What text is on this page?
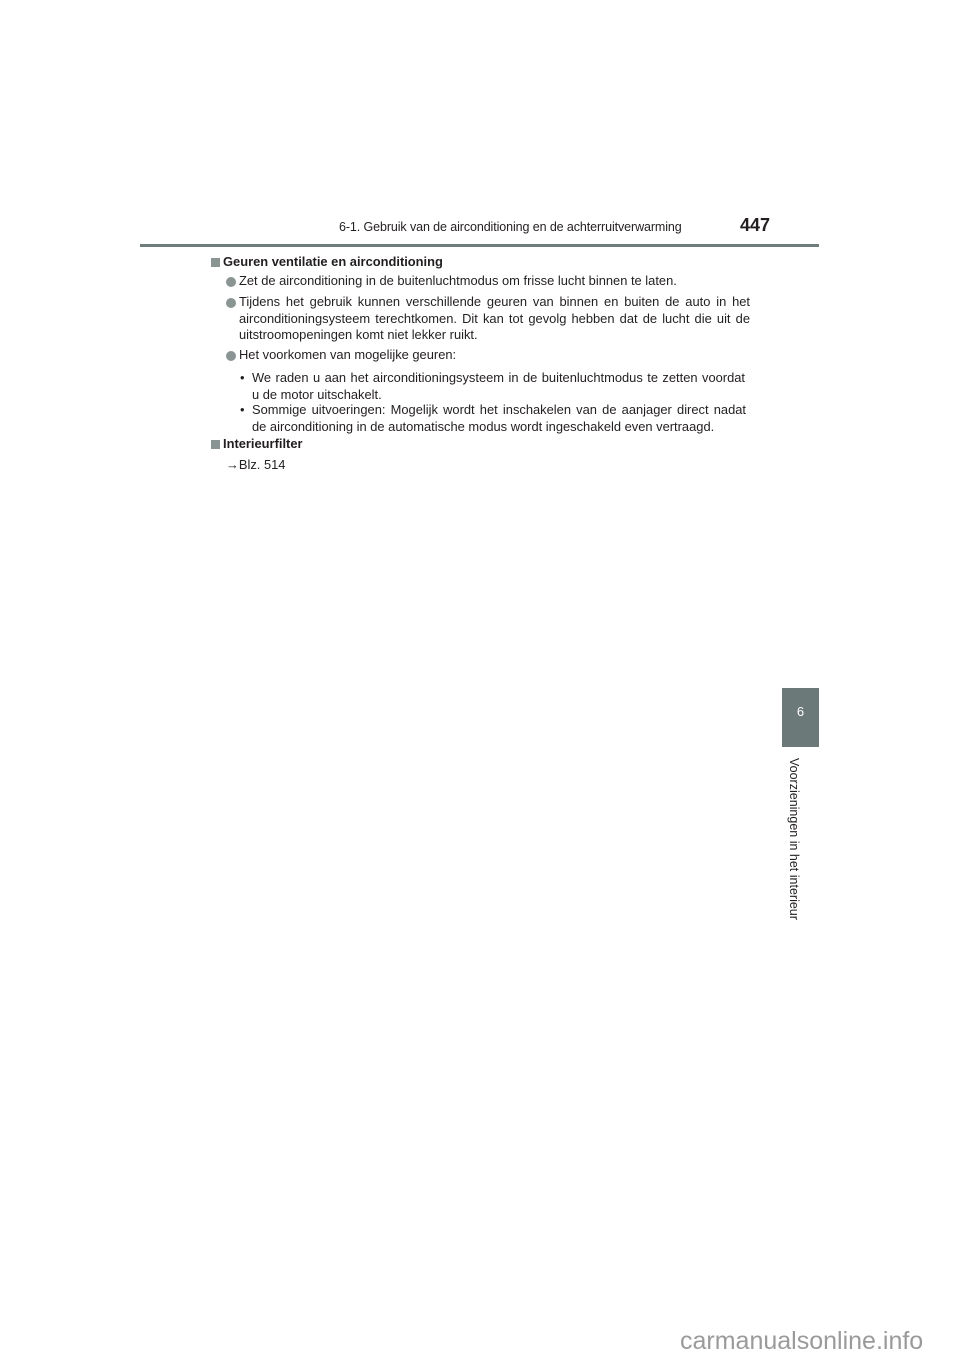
6-1. Gebruik van de airconditioning en de achterruitverwarming	447
6
Voorzieningen in het interieur
Geuren ventilatie en airconditioning
Zet de airconditioning in de buitenluchtmodus om frisse lucht binnen te laten.
Tijdens het gebruik kunnen verschillende geuren van binnen en buiten de auto in het airconditioningsysteem terechtkomen. Dit kan tot gevolg hebben dat de lucht die uit de uitstroomopeningen komt niet lekker ruikt.
Het voorkomen van mogelijke geuren:
• We raden u aan het airconditioningsysteem in de buitenluchtmodus te zetten voordat u de motor uitschakelt.
• Sommige uitvoeringen: Mogelijk wordt het inschakelen van de aanjager direct nadat de airconditioning in de automatische modus wordt ingeschakeld even vertraagd.
Interieurfilter
→Blz. 514
carmanualsonline.info
